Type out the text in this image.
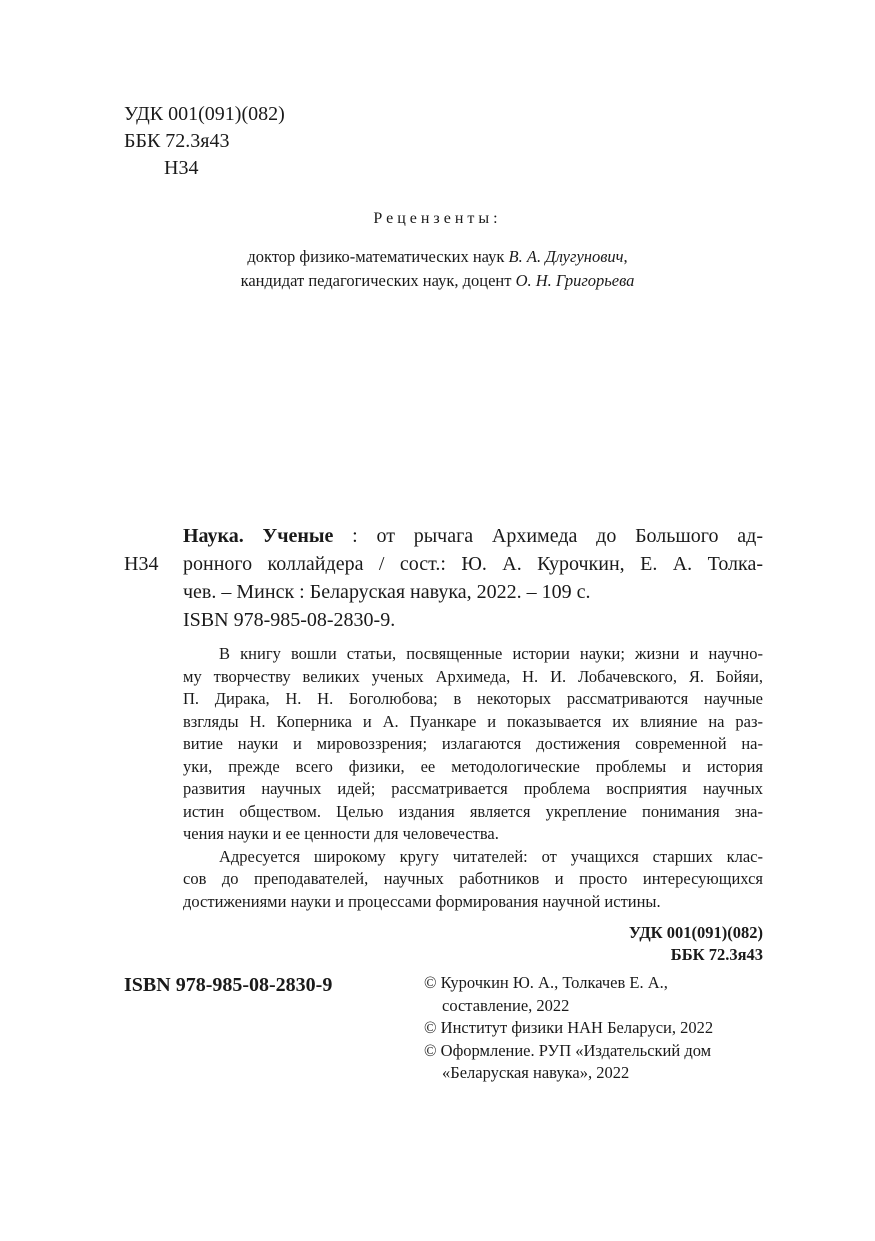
УДК 001(091)(082)
ББК 72.3я43
Н34
Рецензенты:
доктор физико-математических наук В. А. Длугунович,
кандидат педагогических наук, доцент О. Н. Григорьева
Н34

Наука. Ученые : от рычага Архимеда до Большого ад-

ронного коллайдера / сост.: Ю. А. Курочкин, Е. А. Толка-

чев. – Минск : Беларуская навука, 2022. – 109 с.

ISBN 978-985-08-2830-9.

В книгу вошли статьи, посвященные истории науки; жизни и научно-

му творчеству великих ученых Архимеда, Н. И. Лобачевского, Я. Бойяи,

П. Дирака, Н. Н. Боголюбова; в некоторых рассматриваются научные

взгляды Н. Коперника и А. Пуанкаре и показывается их влияние на раз-

витие науки и мировоззрения; излагаются достижения современной на-

уки, прежде всего физики, ее методологические проблемы и история

развития научных идей; рассматривается проблема восприятия научных

истин обществом. Целью издания является укрепление понимания зна-

чения науки и ее ценности для человечества.

Адресуется широкому кругу читателей: от учащихся старших клас-

сов до преподавателей, научных работников и просто интересующихся

достижениями науки и процессами формирования научной истины.

УДК 001(091)(082)
ББК 72.3я43
ISBN 978-985-08-2830-9	© Курочкин Ю. А., Толкачев Е. А.,
составление, 2022
© Институт физики НАН Беларуси, 2022
© Оформление. РУП «Издательский дом
«Беларуская навука», 2022
